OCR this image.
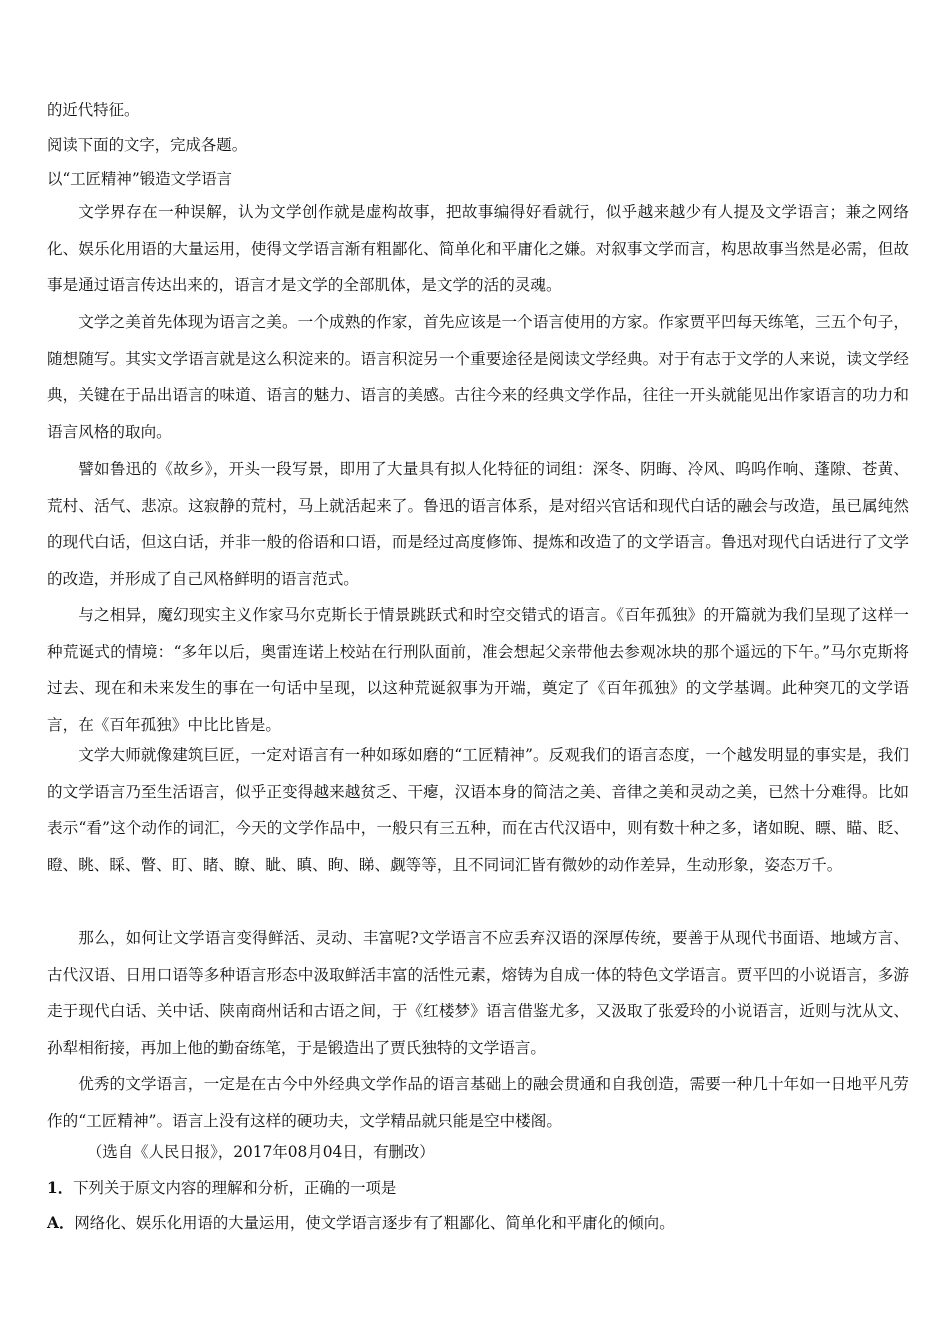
的近代特征。
阅读下面的文字，完成各题。
以“工匠精神”锻造文学语言
文学界存在一种误解，认为文学创作就是虚构故事，把故事编得好看就行，似乎越来越少有人提及文学语言；兼之网络化、娱乐化用语的大量运用，使得文学语言渐有粗鄙化、简单化和平庸化之嫌。对叙事文学而言，构思故事当然是必需，但故事是通过语言传达出来的，语言才是文学的全部肌体，是文学的活的灵魂。
文学之美首先体现为语言之美。一个成熟的作家，首先应该是一个语言使用的方家。作家贾平凹每天练笔，三五个句子，随想随写。其实文学语言就是这么积淀来的。语言积淀另一个重要途径是阅读文学经典。对于有志于文学的人来说，读文学经典，关键在于品出语言的味道、语言的魅力、语言的美感。古往今来的经典文学作品，往往一开头就能见出作家语言的功力和语言风格的取向。
譬如鲁迅的《故乡》，开头一段写景，即用了大量具有拟人化特征的词组：深冬、阴晦、冷风、呜呜作响、蓬隙、苍黄、荒村、活气、悲凉。这寂静的荒村，马上就活起来了。鲁迅的语言体系，是对绍兴官话和现代白话的融会与改造，虽已属纯然的现代白话，但这白话，并非一般的俗语和口语，而是经过高度修饰、提炼和改造了的文学语言。鲁迅对现代白话进行了文学的改造，并形成了自己风格鲜明的语言范式。
与之相异，魔幻现实主义作家马尔克斯长于情景跳跃式和时空交错式的语言。《百年孤独》的开篇就为我们呈现了这样一种荒诞式的情境：“多年以后，奥雷连诺上校站在行刑队面前，准会想起父亲带他去参观冰块的那个遥远的下午。”马尔克斯将过去、现在和未来发生的事在一句话中呈现，以这种荒诞叙事为开端，奠定了《百年孤独》的文学基调。此种突兀的文学语言，在《百年孤独》中比比皆是。
文学大师就像建筑巨匠，一定对语言有一种如琢如磨的“工匠精神”。反观我们的语言态度，一个越发明显的事实是，我们的文学语言乃至生活语言，似乎正变得越来越贫乏、干瘪，汉语本身的简洁之美、音律之美和灵动之美，已然十分难得。比如表示“看”这个动作的词汇，今天的文学作品中，一般只有三五种，而在古代汉语中，则有数十种之多，诸如睨、瞟、瞄、眨、瞪、眺、睬、瞥、盯、睹、瞭、眦、瞋、眴、睇、觑等等，且不同词汇皆有微妙的动作差异，生动形象，姿态万千。
那么，如何让文学语言变得鲜活、灵动、丰富呢?文学语言不应丢弃汉语的深厚传统，要善于从现代书面语、地域方言、古代汉语、日用口语等多种语言形态中汲取鲜活丰富的活性元素，熔铸为自成一体的特色文学语言。贾平凹的小说语言，多游走于现代白话、关中话、陕南商州话和古语之间，于《红楼梦》语言借鉴尤多，又汲取了张爱玲的小说语言，近则与沈从文、孙犁相衔接，再加上他的勤奋练笔，于是锻造出了贾氏独特的文学语言。
优秀的文学语言，一定是在古今中外经典文学作品的语言基础上的融会贯通和自我创造，需要一种几十年如一日地平凡劳作的“工匠精神”。语言上没有这样的硬功夫，文学精品就只能是空中楼阁。
（选自《人民日报》，2017年08月04日，有删改）
1．下列关于原文内容的理解和分析，正确的一项是
A．网络化、娱乐化用语的大量运用，使文学语言逐步有了粗鄙化、简单化和平庸化的倾向。
